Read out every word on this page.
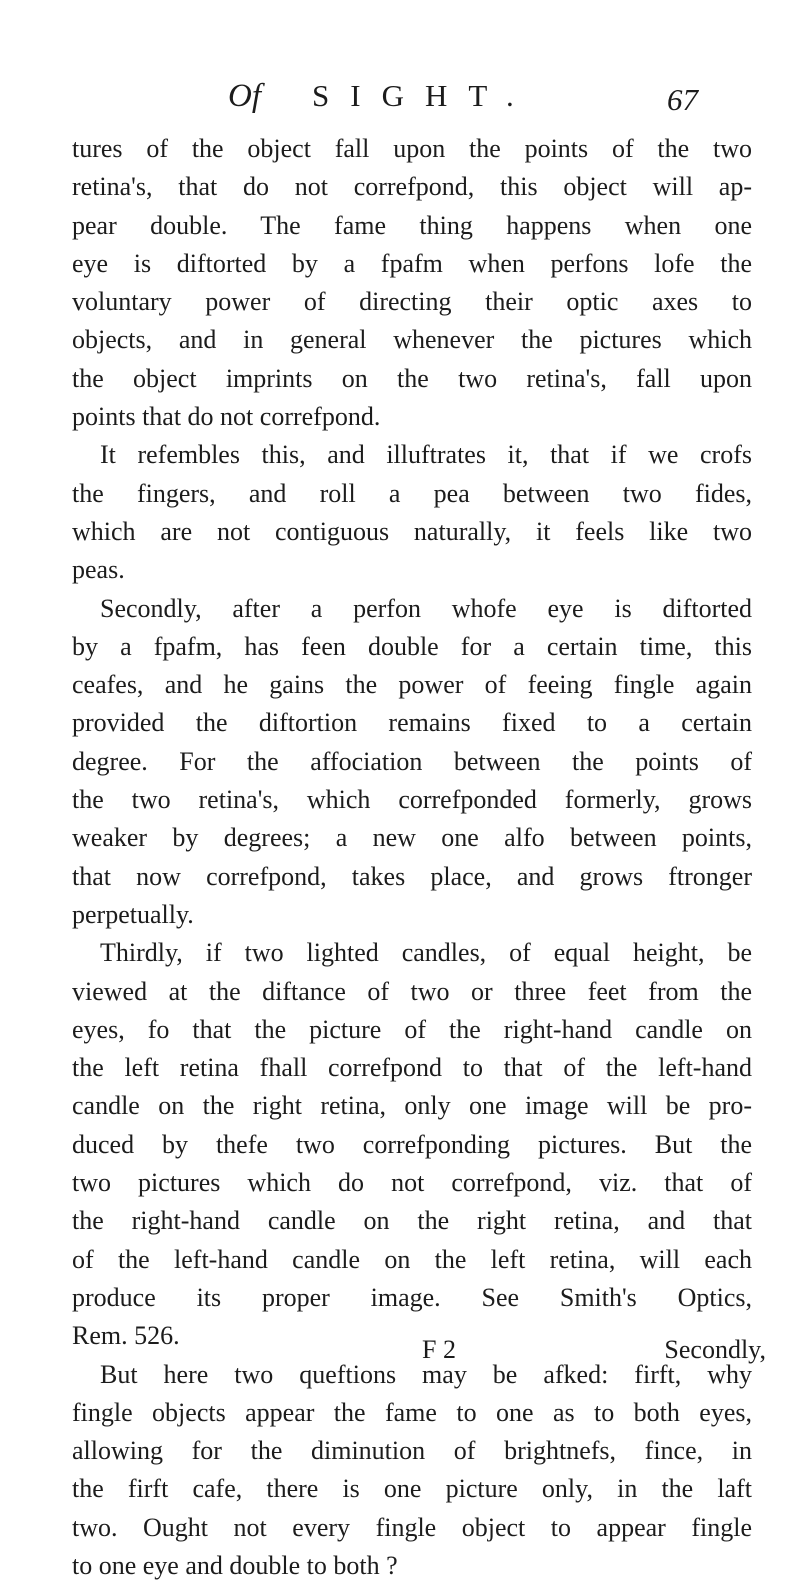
Of SIGHT.	67
tures of the object fall upon the points of the two
retina's, that do not correfpond, this object will ap-
pear double. The fame thing happens when one
eye is diftorted by a fpafm when perfons lofe the
voluntary power of directing their optic axes to
objects, and in general whenever the pictures which
the object imprints on the two retina's, fall upon
points that do not correfpond.
It refembles this, and illuftrates it, that if we crofs
the fingers, and roll a pea between two fides,
which are not contiguous naturally, it feels like two
peas.
Secondly, after a perfon whofe eye is diftorted
by a fpafm, has feen double for a certain time, this
ceafes, and he gains the power of feeing fingle again
provided the diftortion remains fixed to a certain
degree. For the affociation between the points of
the two retina's, which correfponded formerly, grows
weaker by degrees; a new one alfo between points,
that now correfpond, takes place, and grows ftronger
perpetually.
Thirdly, if two lighted candles, of equal height, be
viewed at the diftance of two or three feet from the
eyes, fo that the picture of the right-hand candle on
the left retina fhall correfpond to that of the left-hand
candle on the right retina, only one image will be pro-
duced by thefe two correfponding pictures. But the
two pictures which do not correfpond, viz. that of
the right-hand candle on the right retina, and that
of the left-hand candle on the left retina, will each
produce its proper image. See Smith's Optics,
Rem. 526.
But here two queftions may be afked: firft, why
fingle objects appear the fame to one as to both eyes,
allowing for the diminution of brightnefs, fince, in
the firft cafe, there is one picture only, in the laft
two. Ought not every fingle object to appear fingle
to one eye and double to both ?
F 2	Secondly,
